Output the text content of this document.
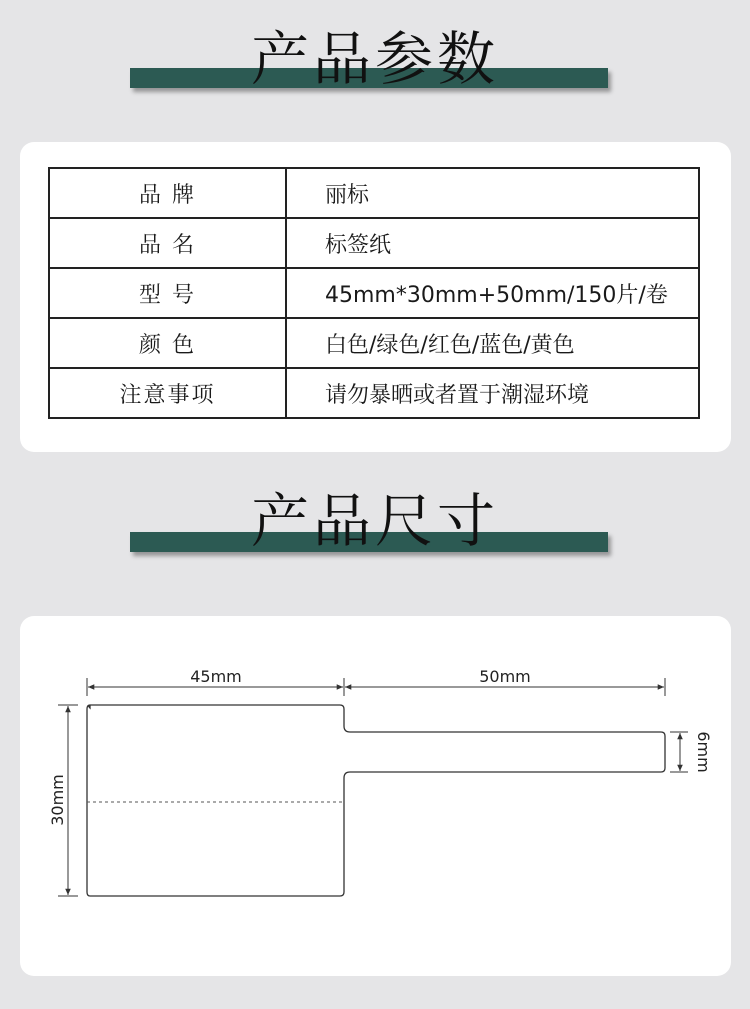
产品参数
品 牌	丽标
品 名	标签纸
型 号	45mm*30mm+50mm/150片/卷
颜 色	白色/绿色/红色/蓝色/黄色
注意事项	请勿暴晒或者置于潮湿环境
产品尺寸
45mm	50mm
30mm
6mm
